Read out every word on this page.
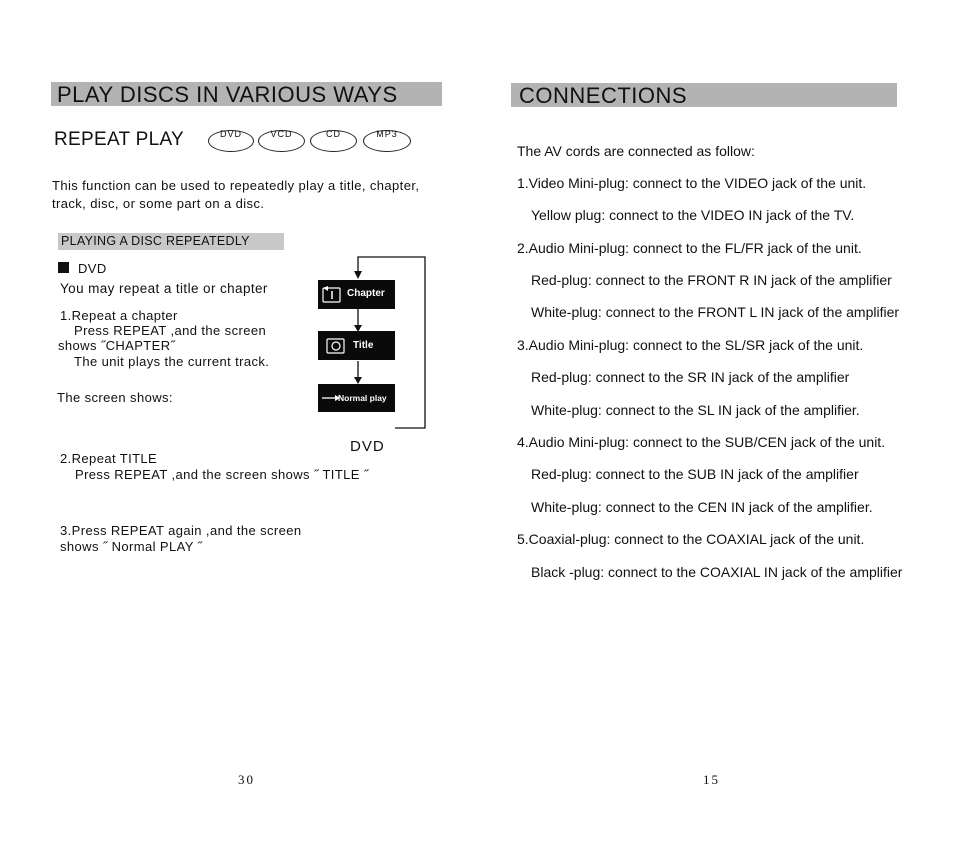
PLAY DISCS IN VARIOUS WAYS
REPEAT PLAY	DVD	VCD	CD	MP3
This function can be used to repeatedly play a title, chapter,
track, disc, or some part on a disc.
PLAYING A DISC REPEATEDLY
DVD
You may repeat a title or chapter
1.Repeat a chapter
Press REPEAT ,and the screen
shows ˝CHAPTER˝
The unit plays the current track.
The screen shows:
Chapter
Title
Normal play
DVD
2.Repeat TITLE
Press REPEAT ,and the screen shows ˝ TITLE ˝
3.Press REPEAT again ,and the screen
shows ˝ Normal PLAY ˝
30
CONNECTIONS
The AV cords are connected as follow:
1.Video Mini-plug: connect to the VIDEO jack of the unit.
Yellow plug: connect to the VIDEO IN jack of the TV.
2.Audio Mini-plug: connect to the FL/FR jack of the unit.
Red-plug: connect to the FRONT R IN jack of the amplifier
White-plug: connect to the FRONT L IN jack of the amplifier
3.Audio Mini-plug: connect to the SL/SR jack of the unit.
Red-plug: connect to the SR IN jack of the amplifier
White-plug: connect to the SL IN jack of the amplifier.
4.Audio Mini-plug: connect to the SUB/CEN jack of the unit.
Red-plug: connect to the SUB IN jack of the amplifier
White-plug: connect to the CEN IN jack of the amplifier.
5.Coaxial-plug: connect to the COAXIAL jack of the unit.
Black -plug: connect to the COAXIAL IN jack of the amplifier
15
